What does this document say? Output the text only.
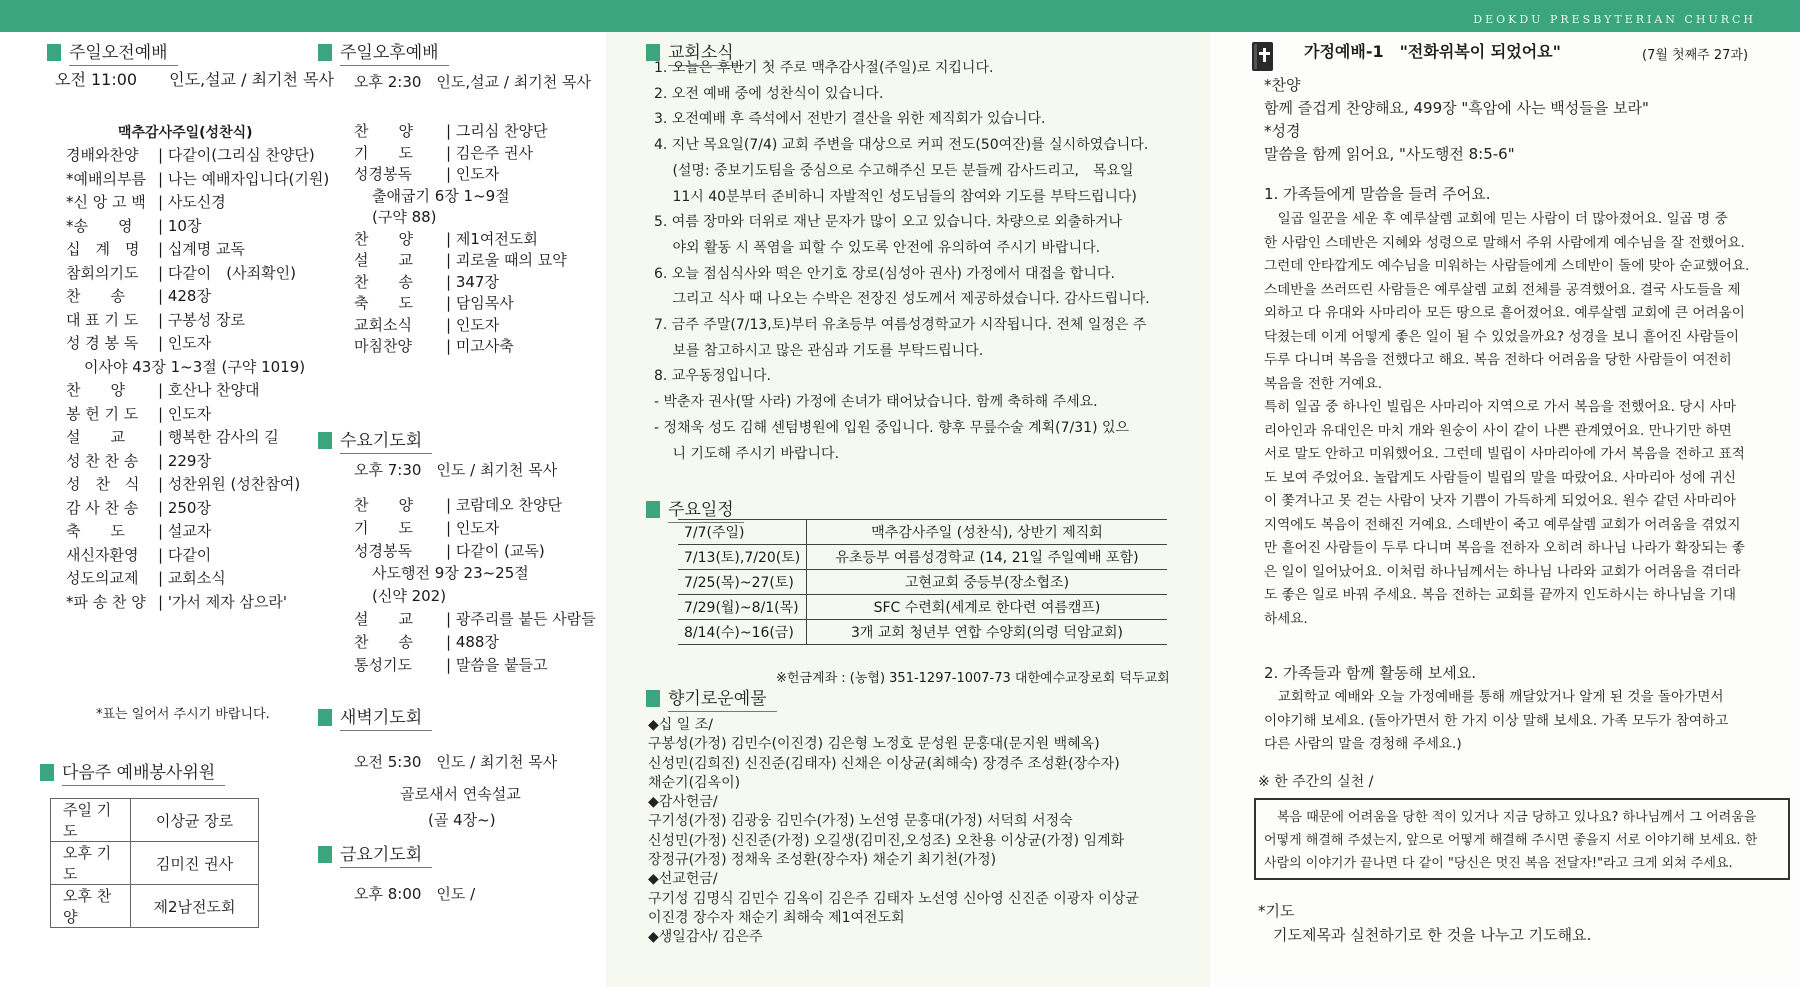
DEOKDU PRESBYTERIAN CHURCH
주일오전예배
오전 11:00　　인도,설교 / 최기천 목사
맥추감사주일(성찬식)
경배와찬양	| 다같이(그리심 찬양단)
*예배의부름 | 나는 예배자입니다(기원)
*신 앙 고 백 | 사도신경
*송　　영	| 10장
십　계　명	| 십계명 교독
참회의기도	| 다같이　(사죄확인)
찬　　송	| 428장
대 표 기 도	| 구봉성 장로
성 경 봉 독	| 인도자
이사야 43장 1~3절 (구약 1019)
찬　　양	| 호산나 찬양대
봉 헌 기 도	| 인도자
설　　교	| 행복한 감사의 길
성 찬 찬 송	| 229장
성　찬　식	| 성찬위원 (성찬참여)
감 사 찬 송	| 250장
축　　도	| 설교자
새신자환영	| 다같이
성도의교제	| 교회소식
*파 송 찬 양 | '가서 제자 삼으라'
*표는 일어서 주시기 바랍니다.
다음주 예배봉사위원
주일 기도	이상균 장로
오후 기도	김미진 권사
오후 찬양	제2남전도회
주일오후예배
오후 2:30　인도,설교 / 최기천 목사
찬　　양	| 그리심 찬양단
기　　도	| 김은주 권사
성경봉독	| 인도자
출애굽기 6장 1~9절
(구약 88)
찬　　양	| 제1여전도회
설　　교	| 괴로울 때의 묘약
찬　　송	| 347장
축　　도	| 담임목사
교회소식	| 인도자
마침찬양	| 미고사축
수요기도회
오후 7:30　인도 / 최기천 목사
찬　　양	| 코람데오 찬양단
기　　도	| 인도자
성경봉독	| 다같이 (교독)
사도행전 9장 23~25절
(신약 202)
설　　교	| 광주리를 붙든 사람들
찬　　송	| 488장
통성기도	| 말씀을 붙들고
새벽기도회
오전 5:30　인도 / 최기천 목사
골로새서 연속설교
(골 4장~)
금요기도회
오후 8:00　인도 /
교회소식

1. 오늘은 후반기 첫 주로 맥추감사절(주일)로 지킵니다.

2. 오전 예배 중에 성찬식이 있습니다.

3. 오전예배 후 즉석에서 전반기 결산을 위한 제직회가 있습니다.

4. 지난 목요일(7/4) 교회 주변을 대상으로 커피 전도(50여잔)를 실시하였습니다.

　 (설명: 중보기도팀을 중심으로 수고해주신 모든 분들께 감사드리고,　목요일

　 11시 40분부터 준비하니 자발적인 성도님들의 참여와 기도를 부탁드립니다)

5. 여름 장마와 더위로 재난 문자가 많이 오고 있습니다. 차량으로 외출하거나

　 야외 활동 시 폭염을 피할 수 있도록 안전에 유의하여 주시기 바랍니다.

6. 오늘 점심식사와 떡은 안기호 장로(심성아 권사) 가정에서 대접을 합니다.

　 그리고 식사 때 나오는 수박은 전장진 성도께서 제공하셨습니다. 감사드립니다.

7. 금주 주말(7/13,토)부터 유초등부 여름성경학교가 시작됩니다. 전체 일정은 주

　 보를 참고하시고 많은 관심과 기도를 부탁드립니다.

8. 교우동정입니다.

- 박춘자 권사(딸 사라) 가정에 손녀가 태어났습니다. 함께 축하해 주세요.

- 정채욱 성도 김해 센텀병원에 입원 중입니다. 향후 무릎수술 계획(7/31) 있으

　 니 기도해 주시기 바랍니다.

주요일정
7/7(주일)	맥추감사주일 (성찬식), 상반기 제직회
7/13(토),7/20(토)	유초등부 여름성경학교 (14, 21일 주일예배 포함)
7/25(목)~27(토)	고현교회 중등부(장소협조)
7/29(월)~8/1(목)	SFC 수련회(세계로 한다련 여름캠프)
8/14(수)~16(금)	3개 교회 청년부 연합 수양회(의령 덕암교회)
※헌금계좌 : (농협) 351-1297-1007-73 대한예수교장로회 덕두교회
향기로운예물

◆십 일 조/

구봉성(가정) 김민수(이진경) 김은형 노정호 문성원 문홍대(문지원 백혜옥)

신성민(김희진) 신진준(김태자) 신채은 이상균(최해숙) 장경주 조성환(장수자)

채순기(김옥이)

◆감사헌금/

구기성(가정) 김광웅 김민수(가정) 노선영 문홍대(가정) 서덕희 서정숙

신성민(가정) 신진준(가정) 오길생(김미진,오성조) 오찬용 이상균(가정) 임계화

장정규(가정) 정채욱 조성환(장수자) 채순기 최기천(가정)

◆선교헌금/

구기성 김명식 김민수 김옥이 김은주 김태자 노선영 신아영 신진준 이광자 이상균

이진경 장수자 채순기 최해숙 제1여전도회

◆생일감사/ 김은주

가정예배-1　"전화위복이 되었어요"	(7월 첫째주 27과)
*찬양
함께 즐겁게 찬양해요, 499장 "흑암에 사는 백성들을 보라"
*성경
말씀을 함께 읽어요, "사도행전 8:5-6"
1. 가족들에게 말씀을 들려 주어요.

　일곱 일꾼을 세운 후 예루살렘 교회에 믿는 사람이 더 많아졌어요. 일곱 명 중

한 사람인 스데반은 지혜와 성령으로 말해서 주위 사람에게 예수님을 잘 전했어요.

그런데 안타깝게도 예수님을 미워하는 사람들에게 스데반이 돌에 맞아 순교했어요.

스데반을 쓰러뜨린 사람들은 예루살렘 교회 전체를 공격했어요. 결국 사도들을 제

외하고 다 유대와 사마리아 모든 땅으로 흩어졌어요. 예루살렘 교회에 큰 어려움이

닥쳤는데 이게 어떻게 좋은 일이 될 수 있었을까요? 성경을 보니 흩어진 사람들이

두루 다니며 복음을 전했다고 해요. 복음 전하다 어려움을 당한 사람들이 여전히

복음을 전한 거예요.

특히 일곱 중 하나인 빌립은 사마리아 지역으로 가서 복음을 전했어요. 당시 사마

리아인과 유대인은 마치 개와 원숭이 사이 같이 나쁜 관계였어요. 만나기만 하면

서로 말도 안하고 미워했어요. 그런데 빌립이 사마리아에 가서 복음을 전하고 표적

도 보여 주었어요. 놀랍게도 사람들이 빌립의 말을 따랐어요. 사마리아 성에 귀신

이 쫓겨나고 못 걷는 사람이 낫자 기쁨이 가득하게 되었어요. 원수 같던 사마리아

지역에도 복음이 전해진 거예요. 스데반이 죽고 예루살렘 교회가 어려움을 겪었지

만 흩어진 사람들이 두루 다니며 복음을 전하자 오히려 하나님 나라가 확장되는 좋

은 일이 일어났어요. 이처럼 하나님께서는 하나님 나라와 교회가 어려움을 겪더라

도 좋은 일로 바꿔 주세요. 복음 전하는 교회를 끝까지 인도하시는 하나님을 기대

하세요.

2. 가족들과 함께 활동해 보세요.

　교회학교 예배와 오늘 가정예배를 통해 깨달았거나 알게 된 것을 돌아가면서

이야기해 보세요. (돌아가면서 한 가지 이상 말해 보세요. 가족 모두가 참여하고

다른 사람의 말을 경청해 주세요.)

※ 한 주간의 실천 /

　복음 때문에 어려움을 당한 적이 있거나 지금 당하고 있나요? 하나님께서 그 어려움을

어떻게 해결해 주셨는지, 앞으로 어떻게 해결해 주시면 좋을지 서로 이야기해 보세요. 한

사람의 이야기가 끝나면 다 같이 "당신은 멋진 복음 전달자!"라고 크게 외쳐 주세요.

*기도
　기도제목과 실천하기로 한 것을 나누고 기도해요.
